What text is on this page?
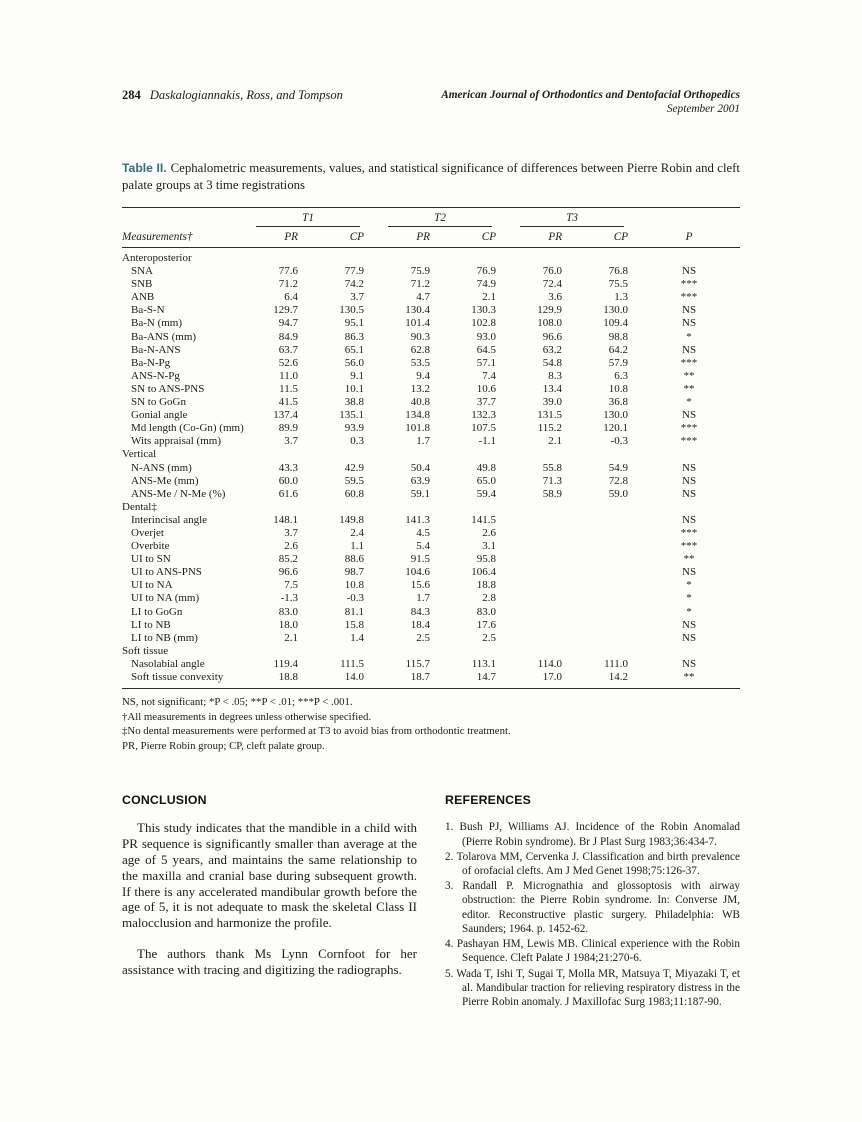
284 Daskalogiannakis, Ross, and Tompson	American Journal of Orthodontics and Dentofacial Orthopedics
September 2001
Table II. Cephalometric measurements, values, and statistical significance of differences between Pierre Robin and cleft palate groups at 3 time registrations

	T1		T2		T3		

Measurements†	PR	CP	PR	CP	PR	CP	P
Anteroposterior							
SNA	77.6	77.9	75.9	76.9	76.0	76.8	NS
SNB	71.2	74.2	71.2	74.9	72.4	75.5	***
ANB	6.4	3.7	4.7	2.1	3.6	1.3	***
Ba-S-N	129.7	130.5	130.4	130.3	129.9	130.0	NS
Ba-N (mm)	94.7	95.1	101.4	102.8	108.0	109.4	NS
Ba-ANS (mm)	84.9	86.3	90.3	93.0	96.6	98.8	*
Ba-N-ANS	63.7	65.1	62.8	64.5	63.2	64.2	NS
Ba-N-Pg	52.6	56.0	53.5	57.1	54.8	57.9	***
ANS-N-Pg	11.0	9.1	9.4	7.4	8.3	6.3	**
SN to ANS-PNS	11.5	10.1	13.2	10.6	13.4	10.8	**
SN to GoGn	41.5	38.8	40.8	37.7	39.0	36.8	*
Gonial angle	137.4	135.1	134.8	132.3	131.5	130.0	NS
Md length (Co-Gn) (mm)	89.9	93.9	101.8	107.5	115.2	120.1	***
Wits appraisal (mm)	3.7	0.3	1.7	-1.1	2.1	-0.3	***
Vertical							
N-ANS (mm)	43.3	42.9	50.4	49.8	55.8	54.9	NS
ANS-Me (mm)	60.0	59.5	63.9	65.0	71.3	72.8	NS
ANS-Me / N-Me (%)	61.6	60.8	59.1	59.4	58.9	59.0	NS
Dental‡							
Interincisal angle	148.1	149.8	141.3	141.5			NS
Overjet	3.7	2.4	4.5	2.6			***
Overbite	2.6	1.1	5.4	3.1			***
UI to SN	85.2	88.6	91.5	95.8			**
UI to ANS-PNS	96.6	98.7	104.6	106.4			NS
UI to NA	7.5	10.8	15.6	18.8			*
UI to NA (mm)	-1.3	-0.3	1.7	2.8			*
LI to GoGn	83.0	81.1	84.3	83.0			*
LI to NB	18.0	15.8	18.4	17.6			NS
LI to NB (mm)	2.1	1.4	2.5	2.5			NS
Soft tissue							
Nasolabial angle	119.4	111.5	115.7	113.1	114.0	111.0	NS
Soft tissue convexity	18.8	14.0	18.7	14.7	17.0	14.2	**
NS, not significant; *P < .05; **P < .01; ***P < .001.
†All measurements in degrees unless otherwise specified.
‡No dental measurements were performed at T3 to avoid bias from orthodontic treatment.
PR, Pierre Robin group; CP, cleft palate group.
CONCLUSION

This study indicates that the mandible in a child with PR sequence is significantly smaller than average at the age of 5 years, and maintains the same relationship to the maxilla and cranial base during subsequent growth. If there is any accelerated mandibular growth before the age of 5, it is not adequate to mask the skeletal Class II malocclusion and harmonize the profile.

The authors thank Ms Lynn Cornfoot for her assistance with tracing and digitizing the radiographs.

REFERENCES
1. Bush PJ, Williams AJ. Incidence of the Robin Anomalad (Pierre Robin syndrome). Br J Plast Surg 1983;36:434-7.
2. Tolarova MM, Cervenka J. Classification and birth prevalence of orofacial clefts. Am J Med Genet 1998;75:126-37.
3. Randall P. Micrognathia and glossoptosis with airway obstruction: the Pierre Robin syndrome. In: Converse JM, editor. Reconstructive plastic surgery. Philadelphia: WB Saunders; 1964. p. 1452-62.
4. Pashayan HM, Lewis MB. Clinical experience with the Robin Sequence. Cleft Palate J 1984;21:270-6.
5. Wada T, Ishi T, Sugai T, Molla MR, Matsuya T, Miyazaki T, et al. Mandibular traction for relieving respiratory distress in the Pierre Robin anomaly. J Maxillofac Surg 1983;11:187-90.
